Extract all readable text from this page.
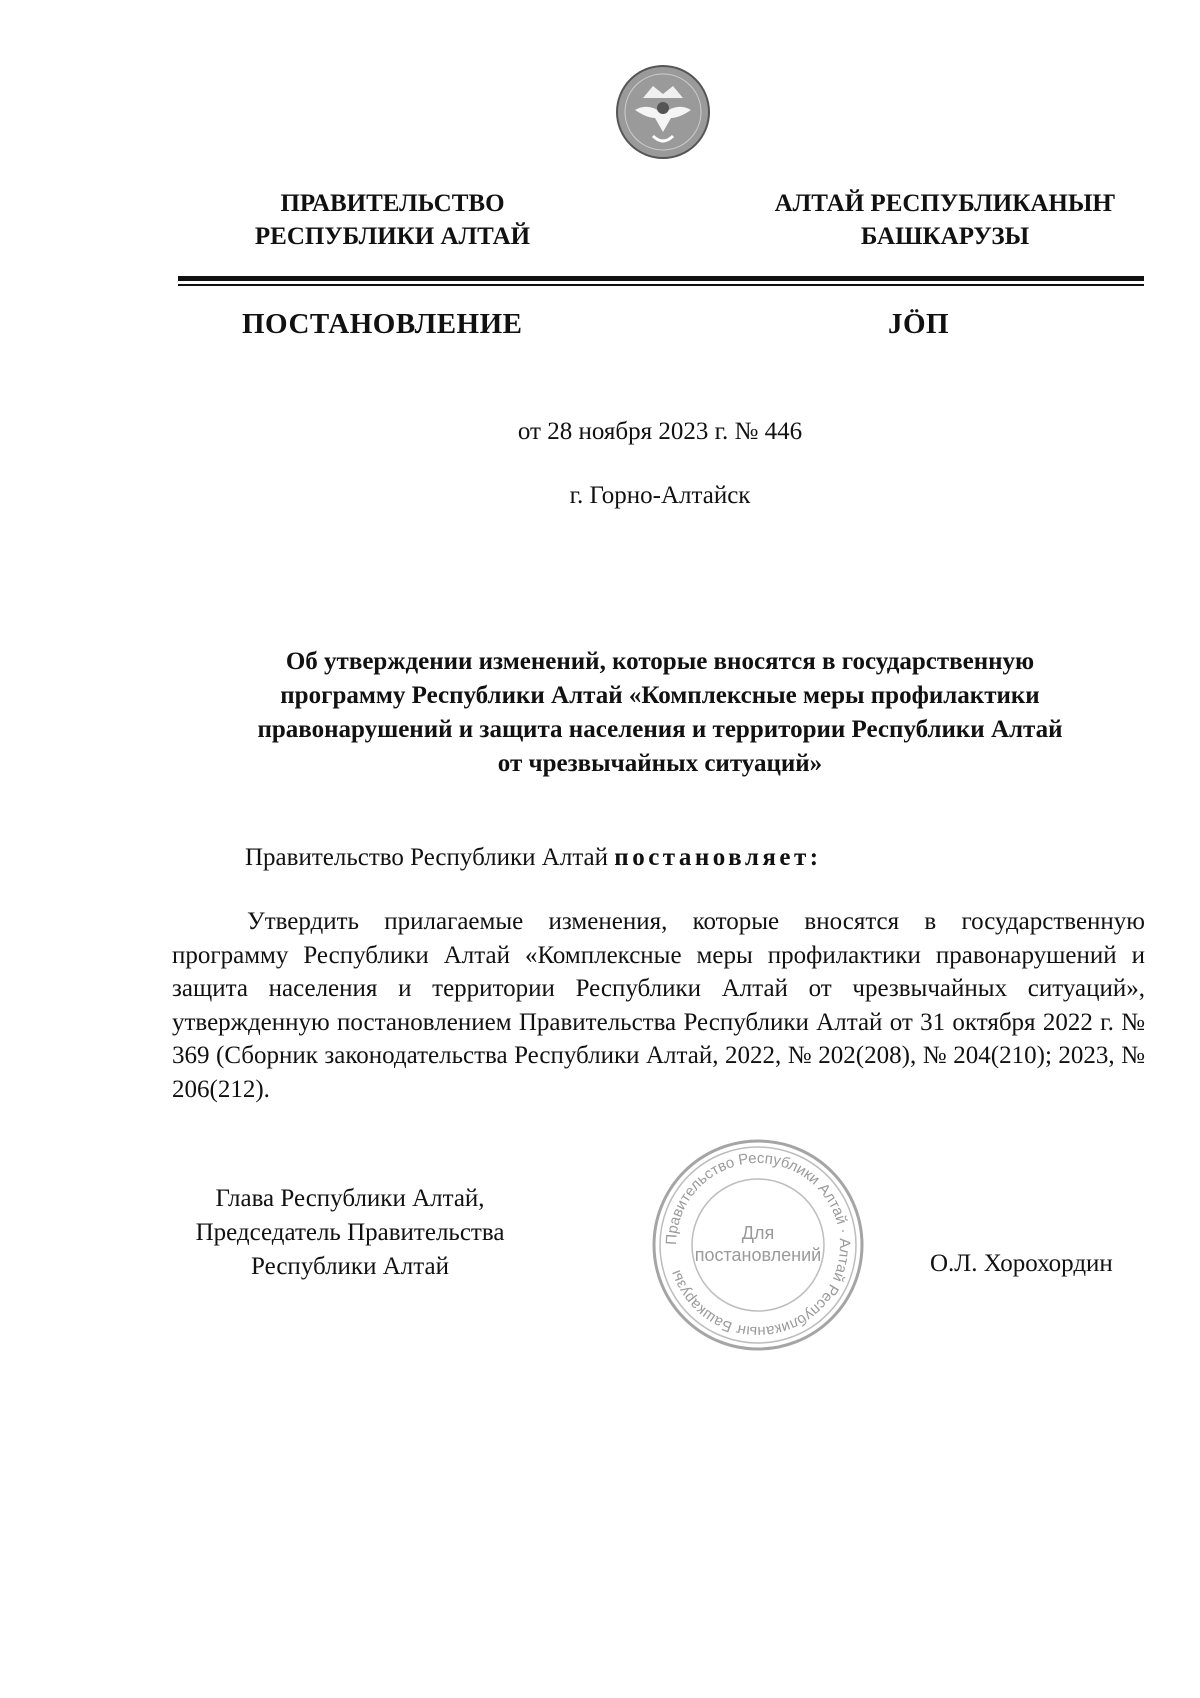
ПРАВИТЕЛЬСТВО
РЕСПУБЛИКИ АЛТАЙ
АЛТАЙ РЕСПУБЛИКАНЫҤ
БАШКАРУЗЫ
ПОСТАНОВЛЕНИЕ	JÖП
от 28 ноября 2023 г. № 446
г. Горно-Алтайск
Об утверждении изменений, которые вносятся в государственную
программу Республики Алтай «Комплексные меры профилактики
правонарушений и защита населения и территории Республики Алтай
от чрезвычайных ситуаций»
Правительство Республики Алтай постановляет:
Утвердить прилагаемые изменения, которые вносятся в государственную программу Республики Алтай «Комплексные меры профилактики правонарушений и защита населения и территории Республики Алтай от чрезвычайных ситуаций», утвержденную постановлением Правительства Республики Алтай от 31 октября 2022 г. № 369 (Сборник законодательства Республики Алтай, 2022, № 202(208), № 204(210); 2023, № 206(212).
Глава Республики Алтай,
Председатель Правительства
Республики Алтай
Правительство Республики Алтай · Алтай Республиканыҥ Башкарузы
Для
постановлений	О.Л. Хорохордин
